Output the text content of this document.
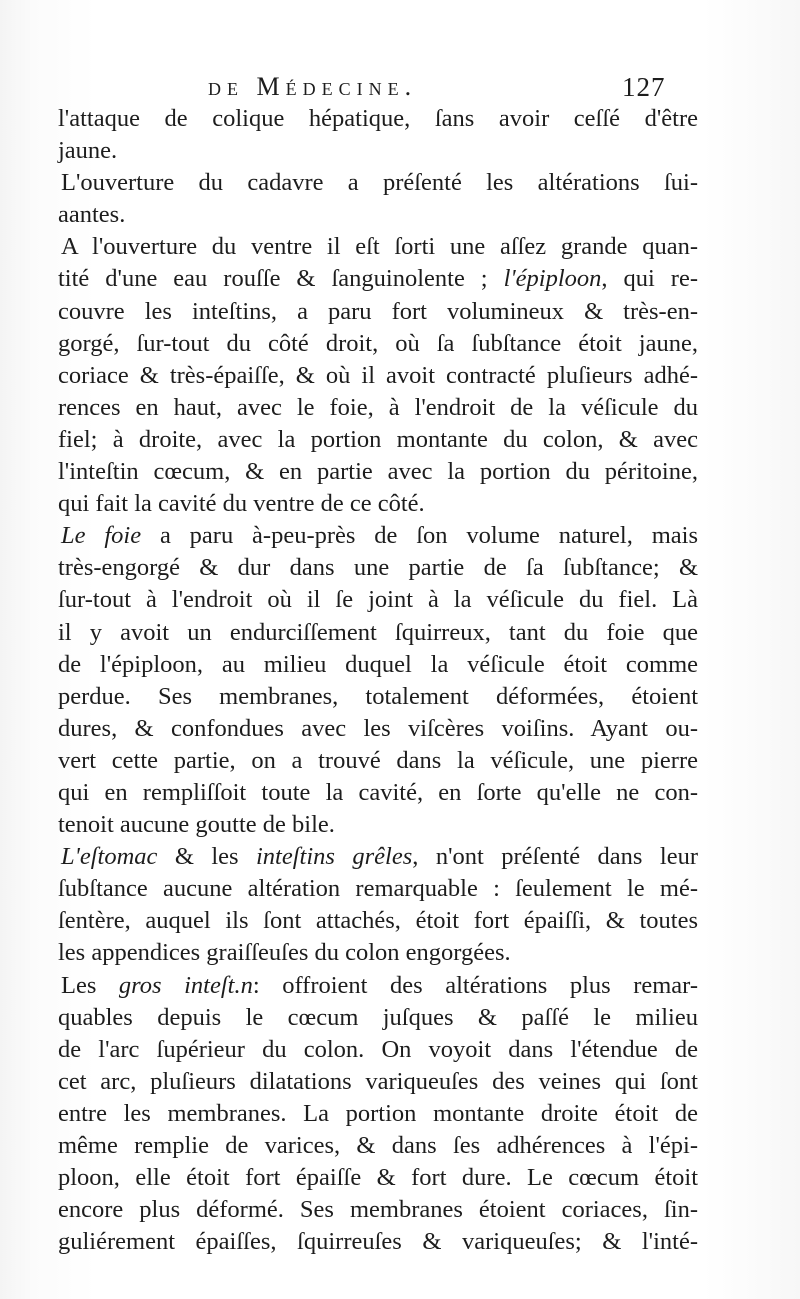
de Médecine.	127
l'attaque de colique hépatique, ſans avoir ceſſé d'être
jaune.
L'ouverture du cadavre a préſenté les altérations ſui-
aantes.
A l'ouverture du ventre il eſt ſorti une aſſez grande quan-
tité d'une eau rouſſe & ſanguinolente ; l'épiploon, qui re-
couvre les inteſtins, a paru fort volumineux & très-en-
gorgé, ſur-tout du côté droit, où ſa ſubſtance étoit jaune,
coriace & très-épaiſſe, & où il avoit contracté pluſieurs adhé-
rences en haut, avec le foie, à l'endroit de la véſicule du
fiel; à droite, avec la portion montante du colon, & avec
l'inteſtin cœcum, & en partie avec la portion du péritoine,
qui fait la cavité du ventre de ce côté.
Le foie a paru à-peu-près de ſon volume naturel, mais
très-engorgé & dur dans une partie de ſa ſubſtance; &
ſur-tout à l'endroit où il ſe joint à la véſicule du fiel. Là
il y avoit un endurciſſement ſquirreux, tant du foie que
de l'épiploon, au milieu duquel la véſicule étoit comme
perdue. Ses membranes, totalement déformées, étoient
dures, & confondues avec les viſcères voiſins. Ayant ou-
vert cette partie, on a trouvé dans la véſicule, une pierre
qui en rempliſſoit toute la cavité, en ſorte qu'elle ne con-
tenoit aucune goutte de bile.
L'eſtomac & les inteſtins grêles, n'ont préſenté dans leur
ſubſtance aucune altération remarquable : ſeulement le mé-
ſentère, auquel ils ſont attachés, étoit fort épaiſſi, & toutes
les appendices graiſſeuſes du colon engorgées.
Les gros inteſt.n: offroient des altérations plus remar-
quables depuis le cœcum juſques & paſſé le milieu
de l'arc ſupérieur du colon. On voyoit dans l'étendue de
cet arc, pluſieurs dilatations variqueuſes des veines qui ſont
entre les membranes. La portion montante droite étoit de
même remplie de varices, & dans ſes adhérences à l'épi-
ploon, elle étoit fort épaiſſe & fort dure. Le cœcum étoit
encore plus déformé. Ses membranes étoient coriaces, ſin-
guliérement épaiſſes, ſquirreuſes & variqueuſes; & l'inté-
